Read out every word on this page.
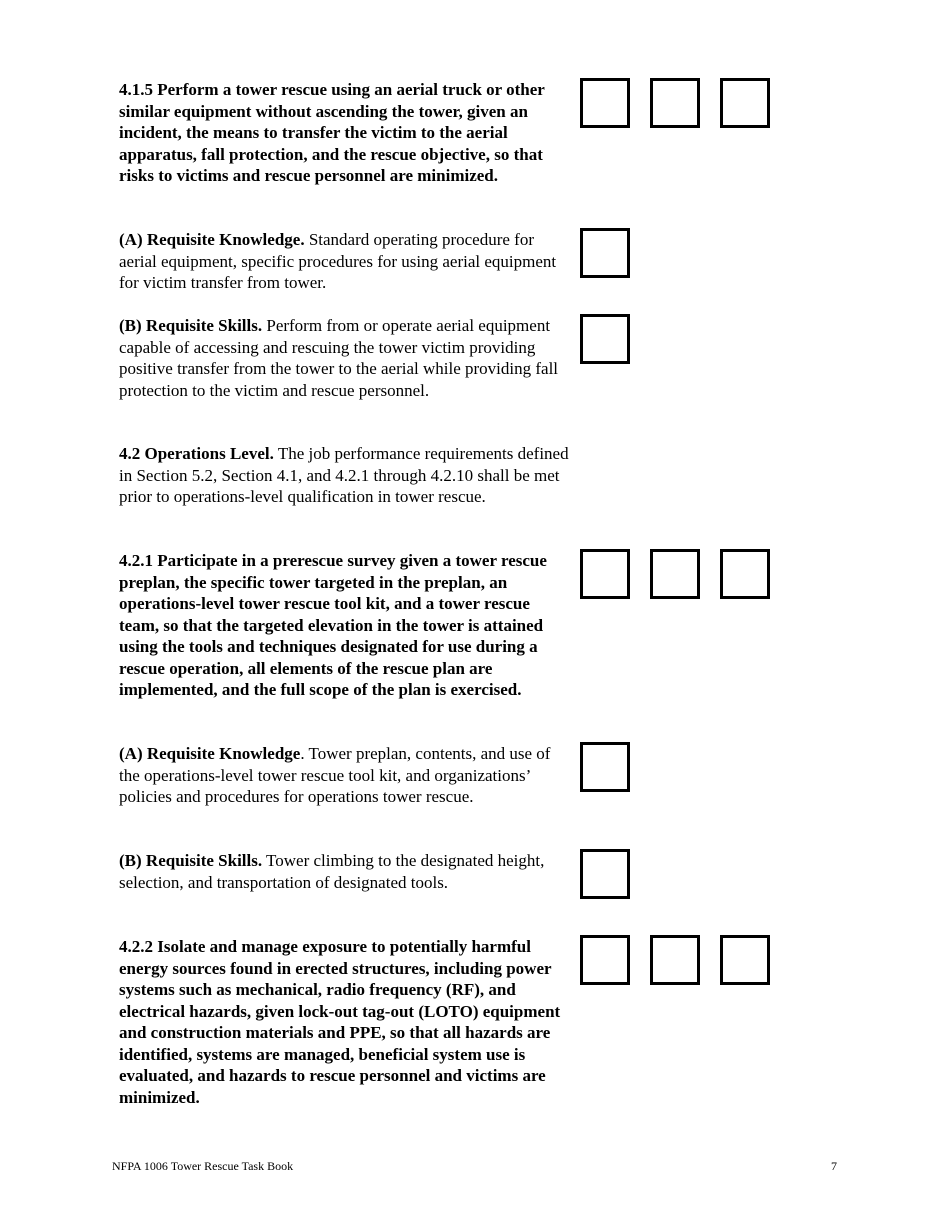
4.1.5 Perform a tower rescue using an aerial truck or other similar equipment without ascending the tower, given an incident, the means to transfer the victim to the aerial apparatus, fall protection, and the rescue objective, so that risks to victims and rescue personnel are minimized.

(A) Requisite Knowledge. Standard operating procedure for aerial equipment, specific procedures for using aerial equipment for victim transfer from tower.

(B) Requisite Skills. Perform from or operate aerial equipment capable of accessing and rescuing the tower victim providing positive transfer from the tower to the aerial while providing fall protection to the victim and rescue personnel.

4.2 Operations Level. The job performance requirements defined in Section 5.2, Section 4.1, and 4.2.1 through 4.2.10 shall be met prior to operations-level qualification in tower rescue.

4.2.1 Participate in a prerescue survey given a tower rescue preplan, the specific tower targeted in the preplan, an operations-level tower rescue tool kit, and a tower rescue team, so that the targeted elevation in the tower is attained using the tools and techniques designated for use during a rescue operation, all elements of the rescue plan are implemented, and the full scope of the plan is exercised.

(A) Requisite Knowledge. Tower preplan, contents, and use of the operations-level tower rescue tool kit, and organizations’ policies and procedures for operations tower rescue.

(B) Requisite Skills. Tower climbing to the designated height, selection, and transportation of designated tools.

4.2.2 Isolate and manage exposure to potentially harmful energy sources found in erected structures, including power systems such as mechanical, radio frequency (RF), and electrical hazards, given lock-out tag-out (LOTO) equipment and construction materials and PPE, so that all hazards are identified, systems are managed, beneficial system use is evaluated, and hazards to rescue personnel and victims are minimized.

NFPA 1006 Tower Rescue Task Book	7
